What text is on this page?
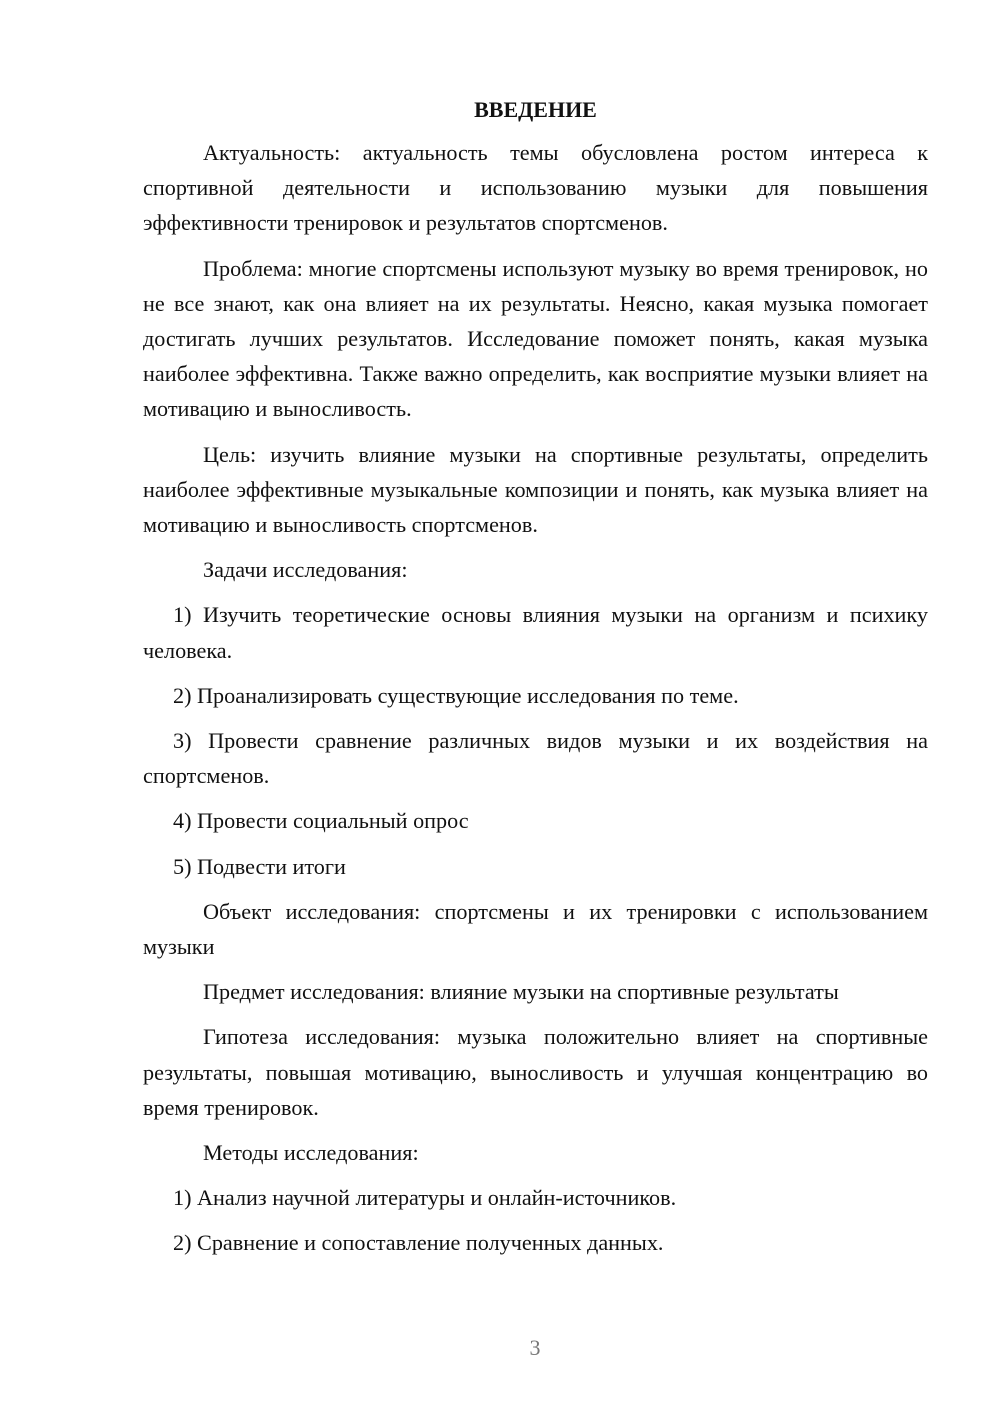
ВВЕДЕНИЕ

Актуальность: актуальность темы обусловлена ростом интереса к спортивной деятельности и использованию музыки для повышения эффективности тренировок и результатов спортсменов.

Проблема: многие спортсмены используют музыку во время тренировок, но не все знают, как она влияет на их результаты. Неясно, какая музыка помогает достигать лучших результатов. Исследование поможет понять, какая музыка наиболее эффективна. Также важно определить, как восприятие музыки влияет на мотивацию и выносливость.

Цель: изучить влияние музыки на спортивные результаты, определить наиболее эффективные музыкальные композиции и понять, как музыка влияет на мотивацию и выносливость спортсменов.

Задачи исследования:

1) Изучить теоретические основы влияния музыки на организм и психику человека.

2) Проанализировать существующие исследования по теме.

3) Провести сравнение различных видов музыки и их воздействия на спортсменов.

4) Провести социальный опрос

5) Подвести итоги

Объект исследования: спортсмены и их тренировки с использованием музыки

Предмет исследования: влияние музыки на спортивные результаты

Гипотеза исследования: музыка положительно влияет на спортивные результаты, повышая мотивацию, выносливость и улучшая концентрацию во время тренировок.

Методы исследования:

1) Анализ научной литературы и онлайн-источников.

2) Сравнение и сопоставление полученных данных.

3
